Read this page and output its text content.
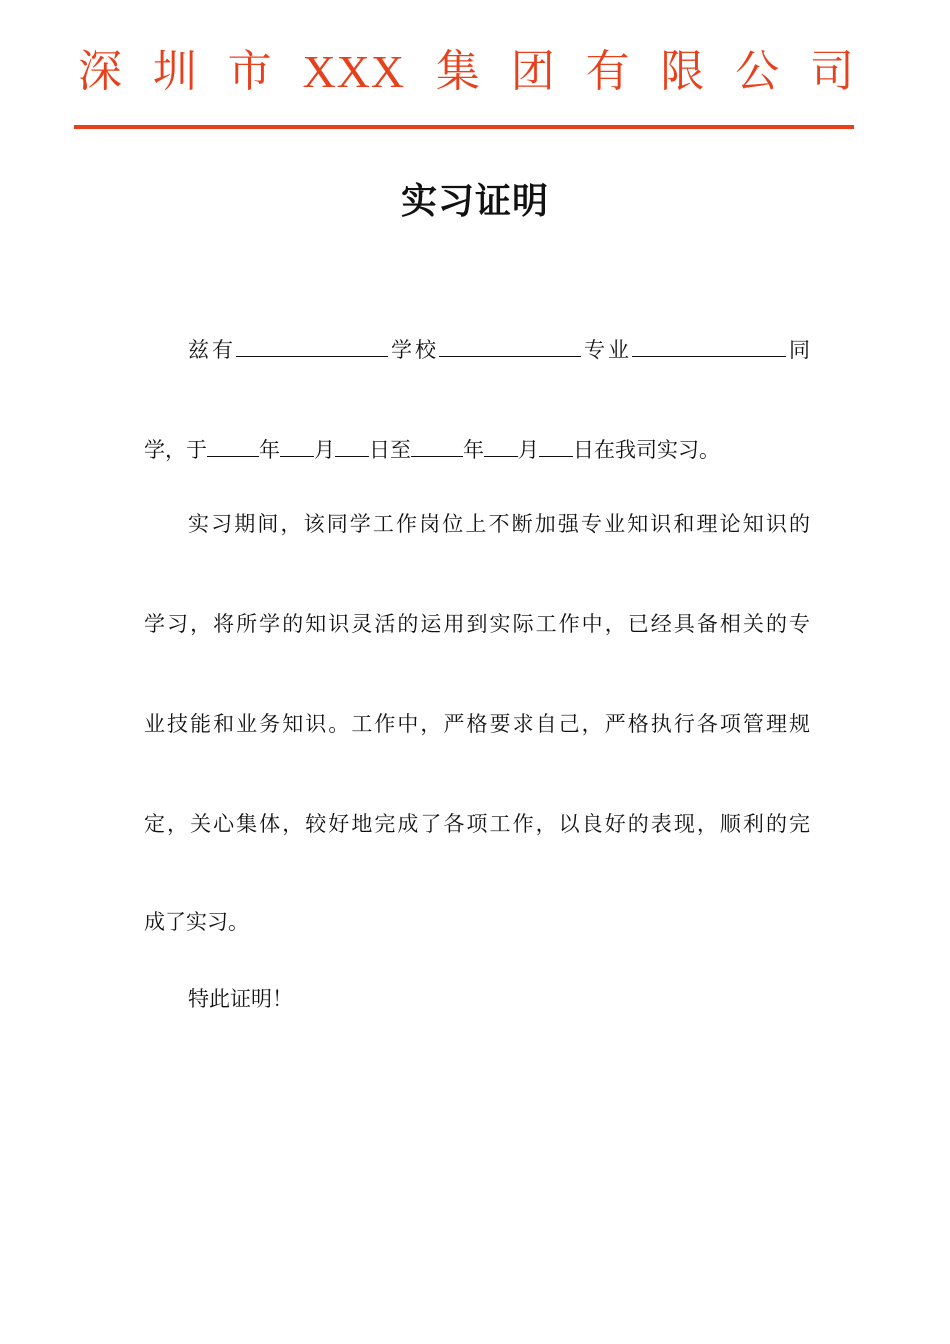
深 圳 市 XXX 集 团 有 限 公 司
实习证明
兹有	学校	专业	同
学，于 年 月 日至 年 月 日在我司实习。
实习期间，该同学工作岗位上不断加强专业知识和理论知识的
学习，将所学的知识灵活的运用到实际工作中，已经具备相关的专
业技能和业务知识。工作中，严格要求自己，严格执行各项管理规
定，关心集体，较好地完成了各项工作，以良好的表现，顺利的完
成了实习。
特此证明！
